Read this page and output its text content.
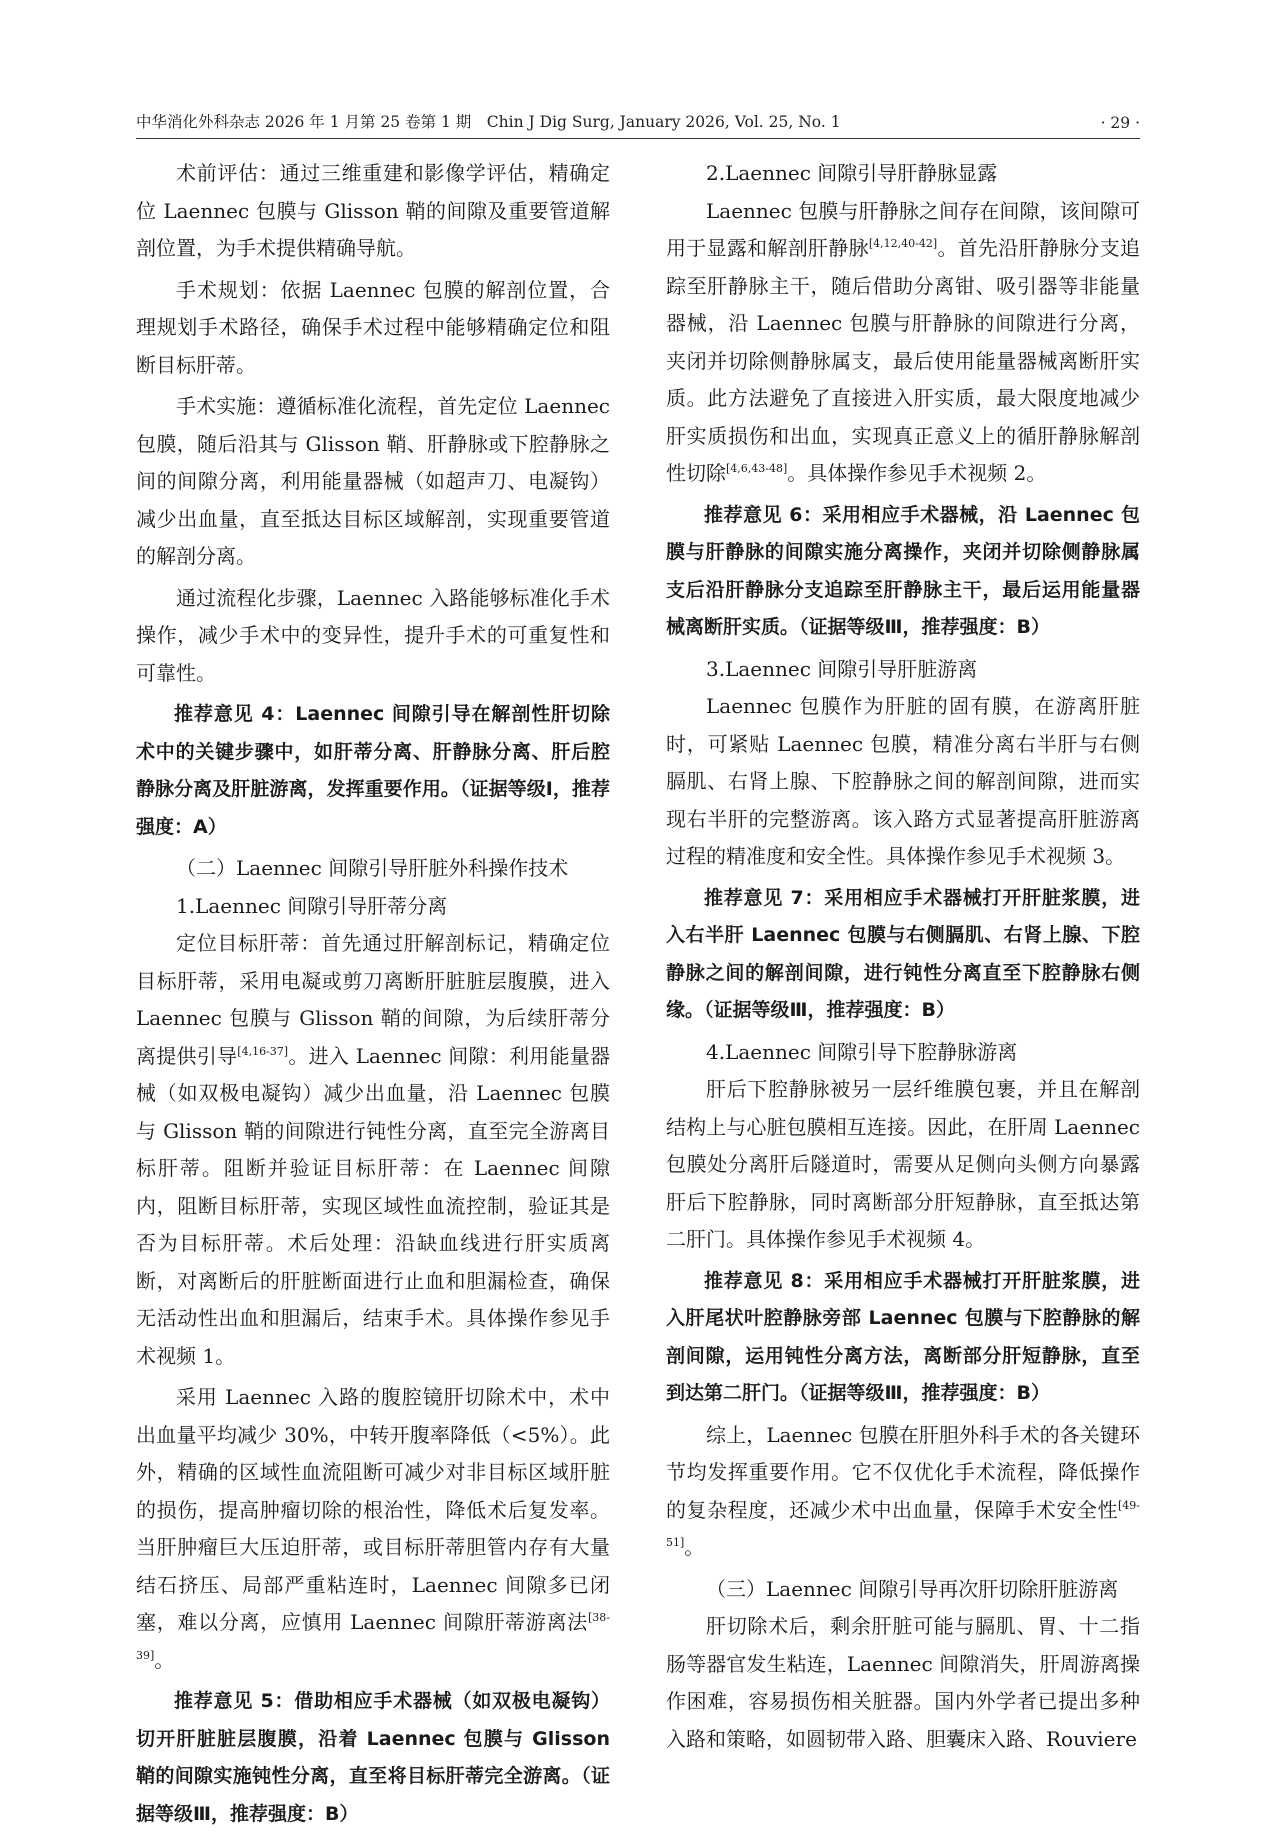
中华消化外科杂志 2026 年 1 月第 25 卷第 1 期　Chin J Dig Surg, January 2026, Vol. 25, No. 1	· 29 ·

术前评估：通过三维重建和影像学评估，精确定位 Laennec 包膜与 Glisson 鞘的间隙及重要管道解剖位置，为手术提供精确导航。

手术规划：依据 Laennec 包膜的解剖位置，合理规划手术路径，确保手术过程中能够精确定位和阻断目标肝蒂。

手术实施：遵循标准化流程，首先定位 Laennec 包膜，随后沿其与 Glisson 鞘、肝静脉或下腔静脉之间的间隙分离，利用能量器械（如超声刀、电凝钩）减少出血量，直至抵达目标区域解剖，实现重要管道的解剖分离。

通过流程化步骤，Laennec 入路能够标准化手术操作，减少手术中的变异性，提升手术的可重复性和可靠性。

推荐意见 4：Laennec 间隙引导在解剖性肝切除术中的关键步骤中，如肝蒂分离、肝静脉分离、肝后腔静脉分离及肝脏游离，发挥重要作用。（证据等级Ⅰ，推荐强度：A）

（二）Laennec 间隙引导肝脏外科操作技术

1.Laennec 间隙引导肝蒂分离

定位目标肝蒂：首先通过肝解剖标记，精确定位目标肝蒂，采用电凝或剪刀离断肝脏脏层腹膜，进入 Laennec 包膜与 Glisson 鞘的间隙，为后续肝蒂分离提供引导[4,16-37]。进入 Laennec 间隙：利用能量器械（如双极电凝钩）减少出血量，沿 Laennec 包膜与 Glisson 鞘的间隙进行钝性分离，直至完全游离目标肝蒂。阻断并验证目标肝蒂：在 Laennec 间隙内，阻断目标肝蒂，实现区域性血流控制，验证其是否为目标肝蒂。术后处理：沿缺血线进行肝实质离断，对离断后的肝脏断面进行止血和胆漏检查，确保无活动性出血和胆漏后，结束手术。具体操作参见手术视频 1。

采用 Laennec 入路的腹腔镜肝切除术中，术中出血量平均减少 30%，中转开腹率降低（<5%）。此外，精确的区域性血流阻断可减少对非目标区域肝脏的损伤，提高肿瘤切除的根治性，降低术后复发率。当肝肿瘤巨大压迫肝蒂，或目标肝蒂胆管内存有大量结石挤压、局部严重粘连时，Laennec 间隙多已闭塞，难以分离，应慎用 Laennec 间隙肝蒂游离法[38-39]。

推荐意见 5：借助相应手术器械（如双极电凝钩）切开肝脏脏层腹膜，沿着 Laennec 包膜与 Glisson 鞘的间隙实施钝性分离，直至将目标肝蒂完全游离。（证据等级Ⅲ，推荐强度：B）

2.Laennec 间隙引导肝静脉显露

Laennec 包膜与肝静脉之间存在间隙，该间隙可用于显露和解剖肝静脉[4,12,40-42]。首先沿肝静脉分支追踪至肝静脉主干，随后借助分离钳、吸引器等非能量器械，沿 Laennec 包膜与肝静脉的间隙进行分离，夹闭并切除侧静脉属支，最后使用能量器械离断肝实质。此方法避免了直接进入肝实质，最大限度地减少肝实质损伤和出血，实现真正意义上的循肝静脉解剖性切除[4,6,43-48]。具体操作参见手术视频 2。

推荐意见 6：采用相应手术器械，沿 Laennec 包膜与肝静脉的间隙实施分离操作，夹闭并切除侧静脉属支后沿肝静脉分支追踪至肝静脉主干，最后运用能量器械离断肝实质。（证据等级Ⅲ，推荐强度：B）

3.Laennec 间隙引导肝脏游离

Laennec 包膜作为肝脏的固有膜，在游离肝脏时，可紧贴 Laennec 包膜，精准分离右半肝与右侧膈肌、右肾上腺、下腔静脉之间的解剖间隙，进而实现右半肝的完整游离。该入路方式显著提高肝脏游离过程的精准度和安全性。具体操作参见手术视频 3。

推荐意见 7：采用相应手术器械打开肝脏浆膜，进入右半肝 Laennec 包膜与右侧膈肌、右肾上腺、下腔静脉之间的解剖间隙，进行钝性分离直至下腔静脉右侧缘。（证据等级Ⅲ，推荐强度：B）

4.Laennec 间隙引导下腔静脉游离

肝后下腔静脉被另一层纤维膜包裹，并且在解剖结构上与心脏包膜相互连接。因此，在肝周 Laennec 包膜处分离肝后隧道时，需要从足侧向头侧方向暴露肝后下腔静脉，同时离断部分肝短静脉，直至抵达第二肝门。具体操作参见手术视频 4。

推荐意见 8：采用相应手术器械打开肝脏浆膜，进入肝尾状叶腔静脉旁部 Laennec 包膜与下腔静脉的解剖间隙，运用钝性分离方法，离断部分肝短静脉，直至到达第二肝门。（证据等级Ⅲ，推荐强度：B）

综上，Laennec 包膜在肝胆外科手术的各关键环节均发挥重要作用。它不仅优化手术流程，降低操作的复杂程度，还减少术中出血量，保障手术安全性[49-51]。

（三）Laennec 间隙引导再次肝切除肝脏游离

肝切除术后，剩余肝脏可能与膈肌、胃、十二指肠等器官发生粘连，Laennec 间隙消失，肝周游离操作困难，容易损伤相关脏器。国内外学者已提出多种入路和策略，如圆韧带入路、胆囊床入路、Rouviere
